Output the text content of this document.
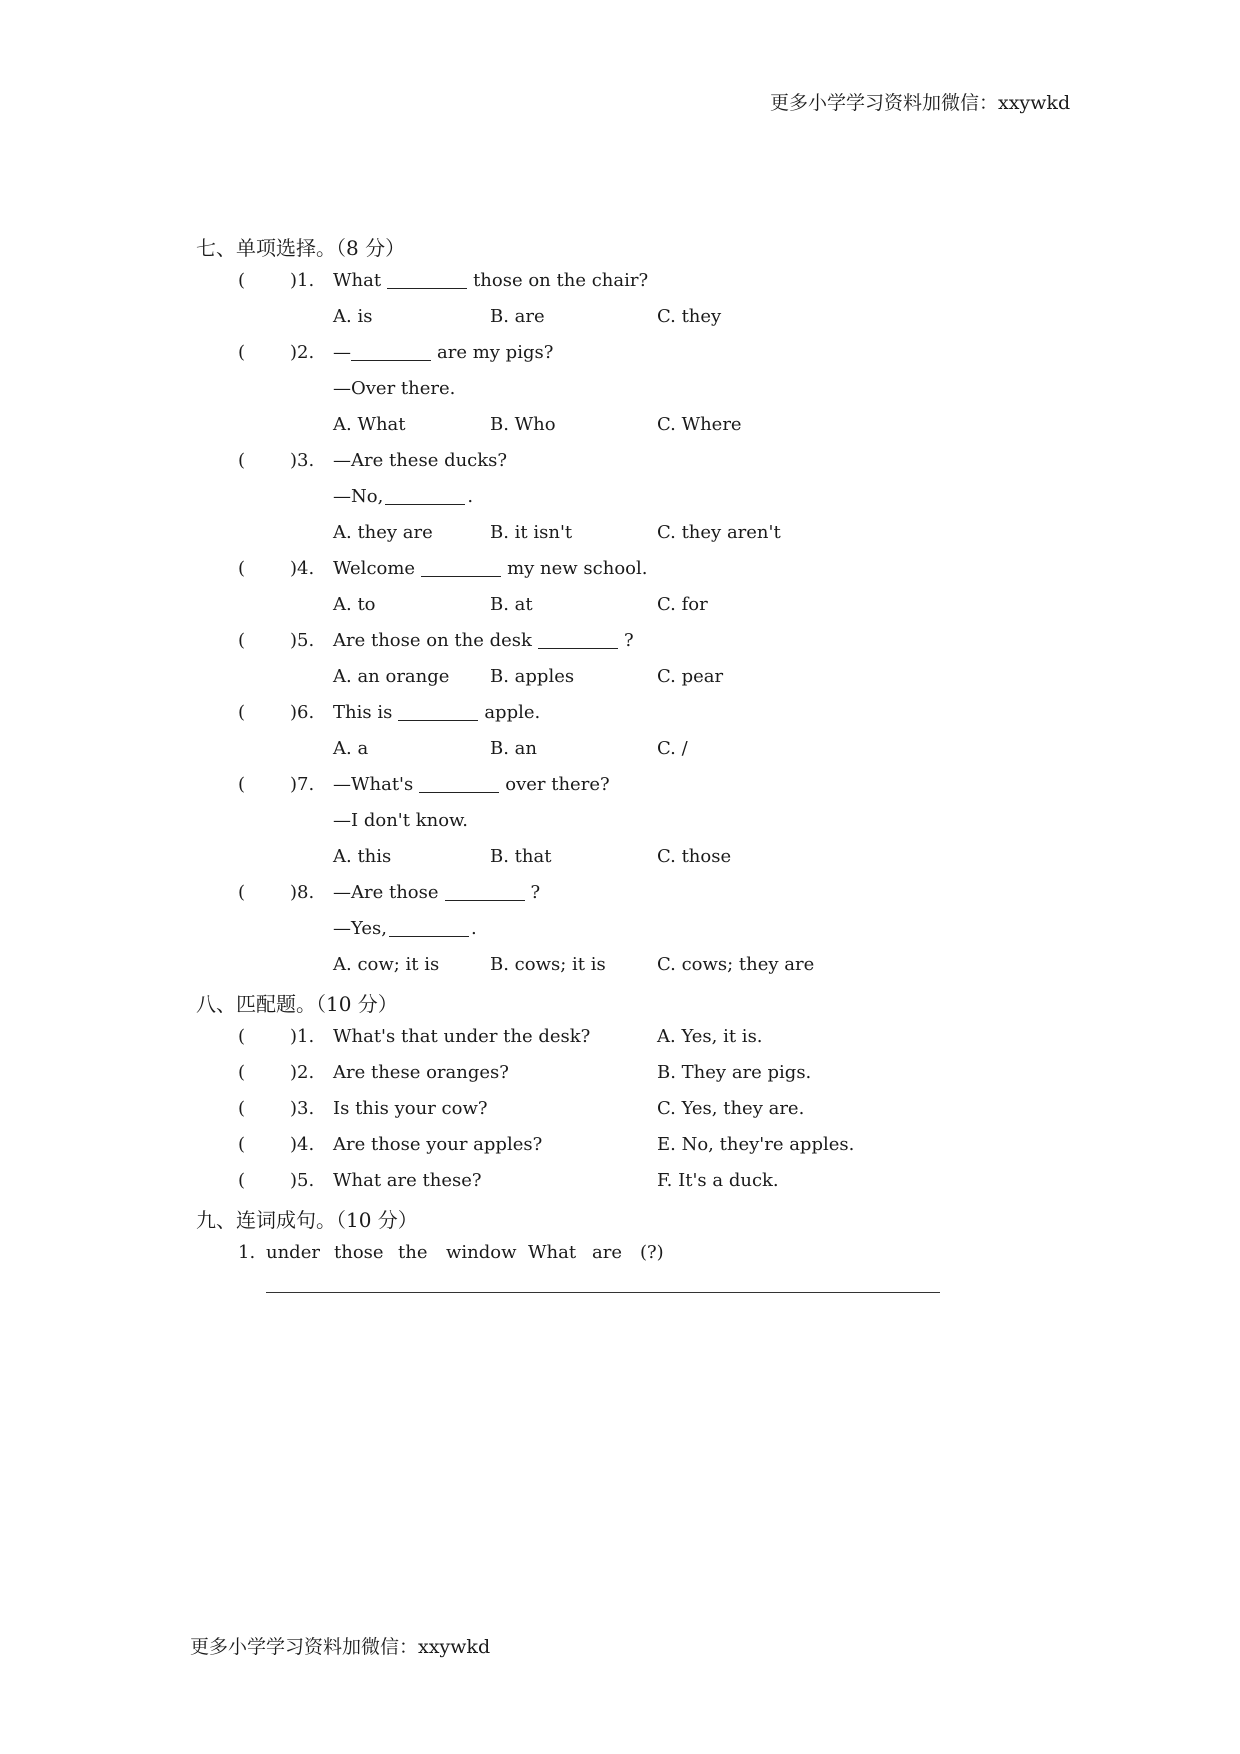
更多小学学习资料加微信：xxywkd
七、单项选择。（8 分）
( )1. What	those on the chair?
A. is	B. are	C. they
( )2. —	are my pigs?
—Over there.
A. What	B. Who	C. Where
( )3. —Are these ducks?
—No,	.
A. they are	B. it isn't	C. they aren't
( )4. Welcome	my new school.
A. to	B. at	C. for
( )5. Are those on the desk	?
A. an orange B. apples	C. pear
( )6. This is	apple.
A. a	B. an	C. /
( )7. —What's	over there?
—I don't know.
A. this	B. that	C. those
( )8. —Are those	?
—Yes,	.
A. cow; it is	B. cows; it is	C. cows; they are
八、匹配题。（10 分）
( )1. What's that under the desk?	A. Yes, it is.
( )2. Are these oranges?	B. They are pigs.
( )3. Is this your cow?	C. Yes, they are.
( )4. Are those your apples?	E. No, they're apples.
( )5. What are these?	F. It's a duck.
九、连词成句。（10 分）
1. under those the window What are (?)
更多小学学习资料加微信：xxywkd
